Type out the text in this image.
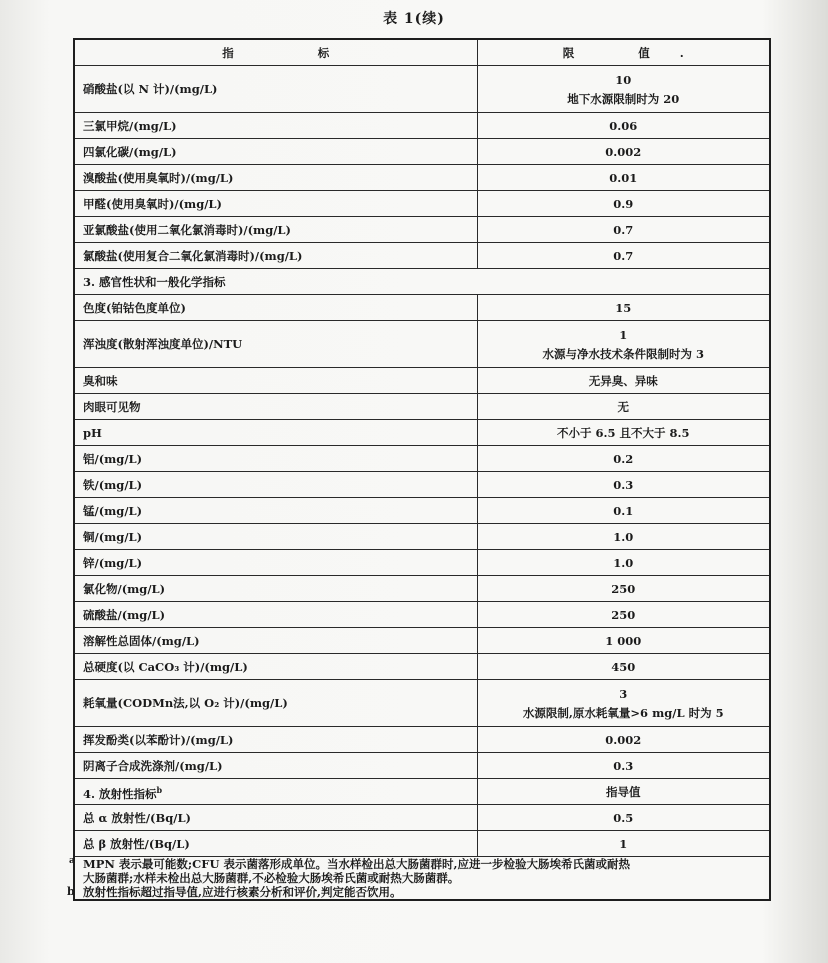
表 1(续)
指 标	限 值.
硝酸盐(以 N 计)/(mg/L)	10
地下水源限制时为 20

三氯甲烷/(mg/L)	0.06
四氯化碳/(mg/L)	0.002
溴酸盐(使用臭氧时)/(mg/L)	0.01
甲醛(使用臭氧时)/(mg/L)	0.9
亚氯酸盐(使用二氧化氯消毒时)/(mg/L)	0.7
氯酸盐(使用复合二氧化氯消毒时)/(mg/L)	0.7
3. 感官性状和一般化学指标	
色度(铂钴色度单位)	15
浑浊度(散射浑浊度单位)/NTU	1
水源与净水技术条件限制时为 3

臭和味	无异臭、异味
肉眼可见物	无
pH	不小于 6.5 且不大于 8.5
铝/(mg/L)	0.2
铁/(mg/L)	0.3
锰/(mg/L)	0.1
铜/(mg/L)	1.0
锌/(mg/L)	1.0
氯化物/(mg/L)	250
硫酸盐/(mg/L)	250
溶解性总固体/(mg/L)	1 000
总硬度(以 CaCO₃ 计)/(mg/L)	450
耗氧量(CODMn法,以 O₂ 计)/(mg/L)	3
水源限制,原水耗氧量>6 mg/L 时为 5

挥发酚类(以苯酚计)/(mg/L)	0.002
阴离子合成洗涤剂/(mg/L)	0.3
4. 放射性指标$^b$	指导值
总 α 放射性/(Bq/L)	0.5
总 β 放射性/(Bq/L)	1

a MPN 表示最可能数;CFU 表示菌落形成单位。当水样检出总大肠菌群时,应进一步检验大肠埃希氏菌或耐热
大肠菌群;水样未检出总大肠菌群,不必检验大肠埃希氏菌或耐热大肠菌群。
b 放射性指标超过指导值,应进行核素分析和评价,判定能否饮用。	
